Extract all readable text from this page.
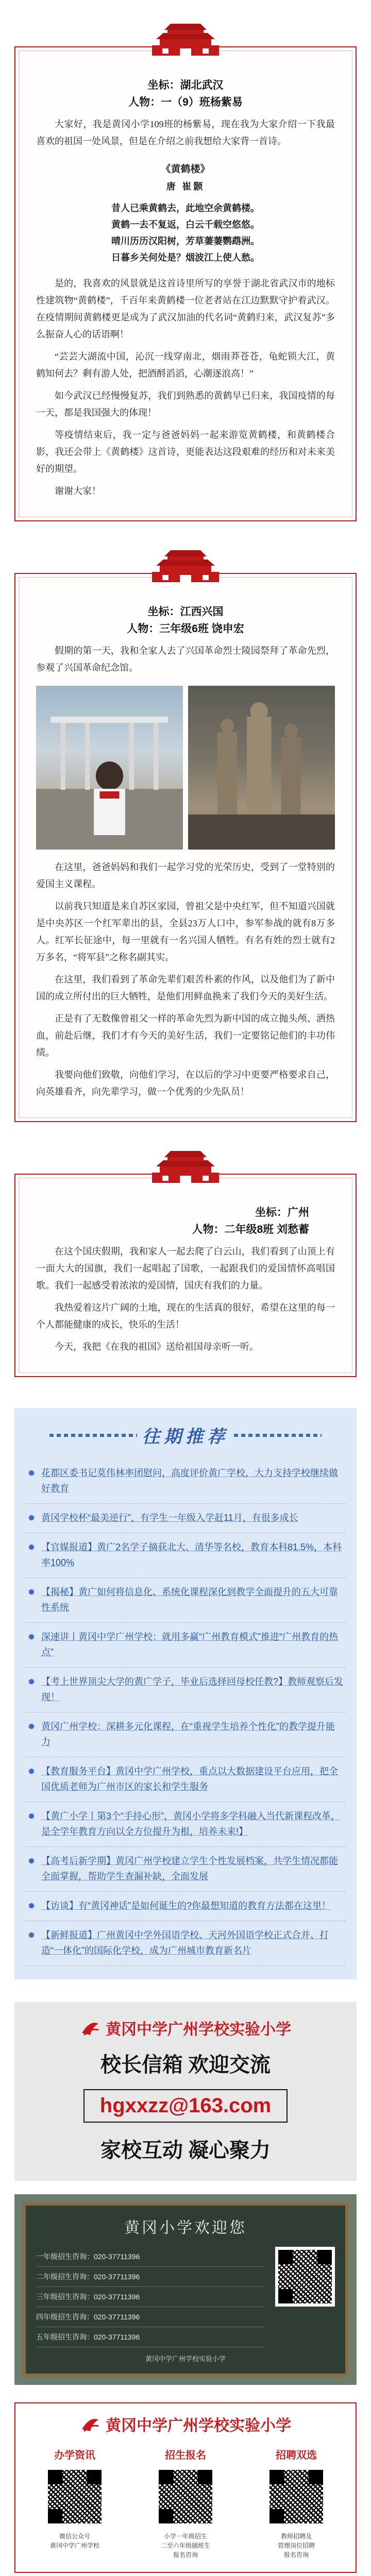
坐标：湖北武汉
人物：一（9）班杨紫易

大家好，我是黄冈小学109班的杨紫易，现在我为大家介绍一下我最喜欢的祖国一处风景，但是在介绍之前我想给大家背一首诗。

《黄鹤楼》
唐 崔颢
昔人已乘黄鹤去，此地空余黄鹤楼。
黄鹤一去不复返，白云千载空悠悠。
晴川历历汉阳树，芳草萋萋鹦鹉洲。
日暮乡关何处是？烟波江上使人愁。

是的，我喜欢的风景就是这首诗里所写的享誉于湖北省武汉市的地标性建筑物“黄鹤楼”，千百年来黄鹤楼一位老者站在江边默默守护着武汉。在疫情期间黄鹤楼更是成为了武汉加油的代名词“黄鹤归来，武汉复苏”多么振奋人心的话语啊！

“芸芸大湖流中国，沁沉一线穿南北，烟雨莽苍苍，龟蛇锁大江，黄鹤知何去？剩有游人处，把酒酹滔滔，心潮逐浪高！”

如今武汉已经慢慢复苏，我们到熟悉的黄鹤早已归来，我国疫情的每一天，都是我国强大的体现！

等疫情结束后，我一定与爸爸妈妈一起来游览黄鹤楼，和黄鹤楼合影，我还会带上《黄鹤楼》这首诗，更能表达这段艰难的经历和对未来美好的期望。

谢谢大家！

坐标：江西兴国
人物：三年级6班 饶申宏

假期的第一天，我和全家人去了兴国革命烈士陵园祭拜了革命先烈，参观了兴国革命纪念馆。

在这里，爸爸妈妈和我们一起学习党的光荣历史，受到了一堂特别的爱国主义课程。

以前我只知道是来自苏区家园，曾祖父是中央红军，但不知道兴国就是中央苏区一个红军辈出的县，全县23万人口中，参军参战的就有8万多人。红军长征途中，每一里就有一名兴国人牺牲。有名有姓的烈士就有2万多名，“将军县”之称名副其实。

在这里，我们看到了革命先辈们艰苦朴素的作风，以及他们为了新中国的成立所付出的巨大牺牲，是他们用鲜血换来了我们今天的美好生活。

正是有了无数像曾祖父一样的革命先烈为新中国的成立抛头颅、洒热血，前赴后继，我们才有今天的美好生活，我们一定要铭记他们的丰功伟绩。

我要向他们致敬，向他们学习，在以后的学习中更要严格要求自己，向英雄看齐，向先辈学习，做一个优秀的少先队员！

坐标：广州
人物：二年级8班 刘愁蓄

在这个国庆假期，我和家人一起去爬了白云山，我们看到了山顶上有一面大大的国旗，我们一起唱起了国歌，一起跟我们的爱国情怀高唱国歌。我们一起感受着浓浓的爱国情，国庆有我们的力量。

我热爱着这片广阔的土地，现在的生活真的很好，希望在这里的每一个人都能健康的成长，快乐的生活！

今天，我把《在我的祖国》送给祖国母亲听一听。

往期推荐
花都区委书记莫伟林率团慰问，高度评价黄广学校，大力支持学校继续做好教育
黄冈学校杯“最美逆行”，有学生一年级入学赶11月，有很多成长
【官媒报道】黄广2名学子摘获北大、清华等名校，教育本科81.5%，本科率100%
【揭秘】黄广如何将信息化、系统化课程深化到教学全面提升的五大可靠性系统
深速讲丨黄冈中学广州学校：就用多赢“广州教育模式”推进“广州教育的热点”
【考上世界顶尖大学的黄广学子，毕业后选择回母校任教?】教师观察后发现！
黄冈广州学校：深耕多元化课程，在“重视学生培养个性化”的教学提升能力
【教育服务平台】黄冈中学广州学校，重点以大数据建设平台应用，把全国优质老师为广州市区的家长和学生服务
【黄广小学丨第3个“手持心形”，黄冈小学将多学科融入当代新课程改革，是全学年教育方向以全方位提升为根，培养未来!】
【高考后新学期】黄冈广州学校建立学生个性发展档案，共学生情况都能全面掌握，帮助学生查漏补缺，全面发展
【访谈】有“黄冈神话”是如何诞生的?你最想知道的教育方法都在这里！
【新鲜报道】广州黄冈中学外国语学校、天河外国语学校正式合并、打造“一体化”的国际化学校，成为广州城市教育新名片
黄冈中学广州学校实验小学
校长信箱 欢迎交流
hgxxzz@163.com
家校互动 凝心聚力
黄冈小学欢迎您
一年级招生咨询：020-37711396
二年级招生咨询：020-37711396
三年级招生咨询：020-37711396
四年级招生咨询：020-37711396
五年级招生咨询：020-37711396
黄冈中学广州学校实验小学
黄冈中学广州学校实验小学
办学资讯
微信公众号
黄冈中学广州学校
招生报名
小学一年级招生
二至六年级插班生
报名咨询
招聘双选
教师招聘及
管理岗位招聘
报名咨询
